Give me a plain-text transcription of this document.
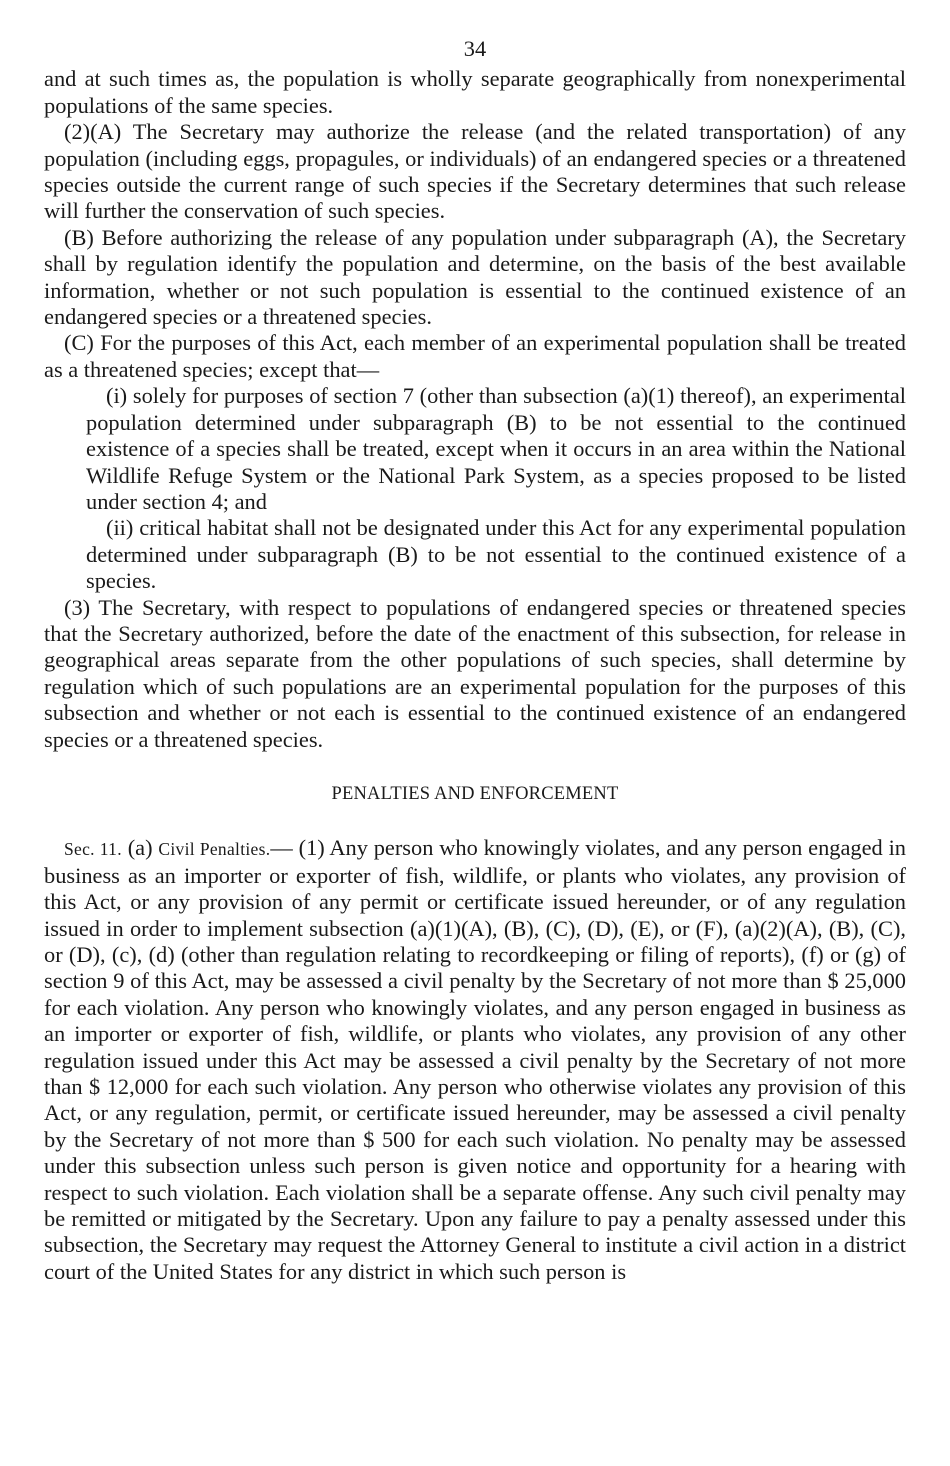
34

and at such times as, the population is wholly separate geographically from nonexperimental populations of the same species.

(2)(A) The Secretary may authorize the release (and the related transportation) of any population (including eggs, propagules, or individuals) of an endangered species or a threatened species outside the current range of such species if the Secretary determines that such release will further the conservation of such species.

(B) Before authorizing the release of any population under subparagraph (A), the Secretary shall by regulation identify the population and determine, on the basis of the best available information, whether or not such population is essential to the continued existence of an endangered species or a threatened species.

(C) For the purposes of this Act, each member of an experimental population shall be treated as a threatened species; except that—

(i) solely for purposes of section 7 (other than subsection (a)(1) thereof), an experimental population determined under subparagraph (B) to be not essential to the continued existence of a species shall be treated, except when it occurs in an area within the National Wildlife Refuge System or the National Park System, as a species proposed to be listed under section 4; and

(ii) critical habitat shall not be designated under this Act for any experimental population determined under subparagraph (B) to be not essential to the continued existence of a species.

(3) The Secretary, with respect to populations of endangered species or threatened species that the Secretary authorized, before the date of the enactment of this subsection, for release in geographical areas separate from the other populations of such species, shall determine by regulation which of such populations are an experimental population for the purposes of this subsection and whether or not each is essential to the continued existence of an endangered species or a threatened species.

PENALTIES AND ENFORCEMENT

Sec. 11. (a) Civil Penalties.— (1) Any person who knowingly violates, and any person engaged in business as an importer or exporter of fish, wildlife, or plants who violates, any provision of this Act, or any provision of any permit or certificate issued hereunder, or of any regulation issued in order to implement subsection (a)(1)(A), (B), (C), (D), (E), or (F), (a)(2)(A), (B), (C), or (D), (c), (d) (other than regulation relating to recordkeeping or filing of reports), (f) or (g) of section 9 of this Act, may be assessed a civil penalty by the Secretary of not more than $ 25,000 for each violation. Any person who knowingly violates, and any person engaged in business as an importer or exporter of fish, wildlife, or plants who violates, any provision of any other regulation issued under this Act may be assessed a civil penalty by the Secretary of not more than $ 12,000 for each such violation. Any person who otherwise violates any provision of this Act, or any regulation, permit, or certificate issued hereunder, may be assessed a civil penalty by the Secretary of not more than $ 500 for each such violation. No penalty may be assessed under this subsection unless such person is given notice and opportunity for a hearing with respect to such violation. Each violation shall be a separate offense. Any such civil penalty may be remitted or mitigated by the Secretary. Upon any failure to pay a penalty assessed under this subsection, the Secretary may request the Attorney General to institute a civil action in a district court of the United States for any district in which such person is
